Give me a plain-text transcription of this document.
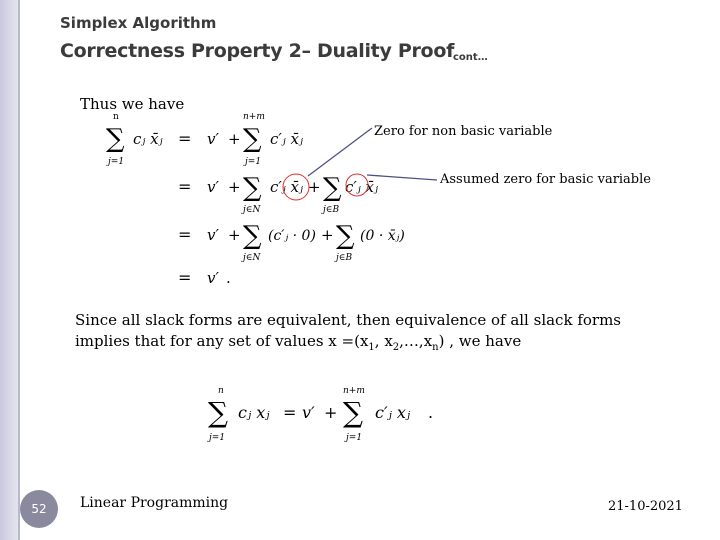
Simplex Algorithm
Correctness Property 2– Duality Proof
cont…
Thus we have
n
∑
j=1
cⱼ x̄ⱼ = v′ +
n+m
∑
j=1
c′ⱼ x̄ⱼ
= v′ + ∑
j∈N
c′ⱼ x̄ⱼ + ∑
j∈B
c′ⱼ x̄ⱼ
= v′ + ∑
j∈N
(c′ⱼ · 0) + ∑
j∈B
(0 · x̄ⱼ)
= v′ .
n
∑
j=1
cⱼ xⱼ = v′ +
n+m
∑
j=1
c′ⱼ xⱼ .
Zero for non basic variable
Assumed zero for basic variable
Since all slack forms are equivalent, then equivalence of all slack forms
implies that for any set of values $x =(x_1$, $x_2,\dots,x_n$) , we have
52 Linear Programming	21-10-2021
